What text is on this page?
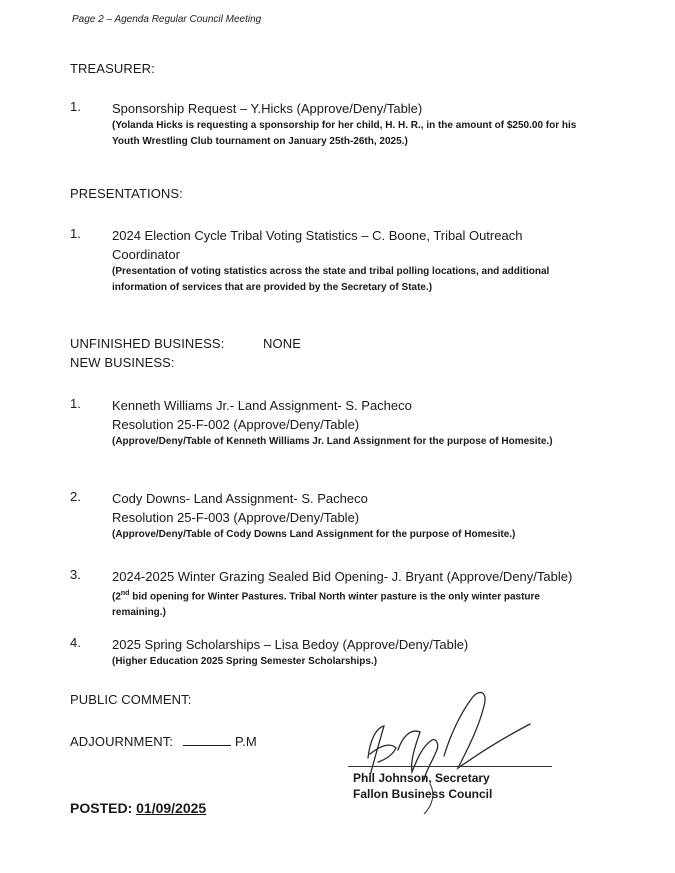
Page 2 – Agenda Regular Council Meeting
TREASURER:
1. Sponsorship Request – Y.Hicks (Approve/Deny/Table)
(Yolanda Hicks is requesting a sponsorship for her child, H. H. R., in the amount of $250.00 for his Youth Wrestling Club tournament on January 25th-26th, 2025.)
PRESENTATIONS:
1. 2024 Election Cycle Tribal Voting Statistics – C. Boone, Tribal Outreach Coordinator
(Presentation of voting statistics across the state and tribal polling locations, and additional information of services that are provided by the Secretary of State.)
UNFINISHED BUSINESS:	NONE
NEW BUSINESS:
1. Kenneth Williams Jr.- Land Assignment- S. Pacheco
Resolution 25-F-002 (Approve/Deny/Table)
(Approve/Deny/Table of Kenneth Williams Jr. Land Assignment for the purpose of Homesite.)
2. Cody Downs- Land Assignment- S. Pacheco
Resolution 25-F-003 (Approve/Deny/Table)
(Approve/Deny/Table of Cody Downs Land Assignment for the purpose of Homesite.)
3. 2024-2025 Winter Grazing Sealed Bid Opening- J. Bryant (Approve/Deny/Table)
(2nd bid opening for Winter Pastures. Tribal North winter pasture is the only winter pasture remaining.)
4. 2025 Spring Scholarships – Lisa Bedoy (Approve/Deny/Table)
(Higher Education 2025 Spring Semester Scholarships.)
PUBLIC COMMENT:
ADJOURNMENT:	P.M
Phil Johnson, Secretary
Fallon Business Council
POSTED: 01/09/2025
